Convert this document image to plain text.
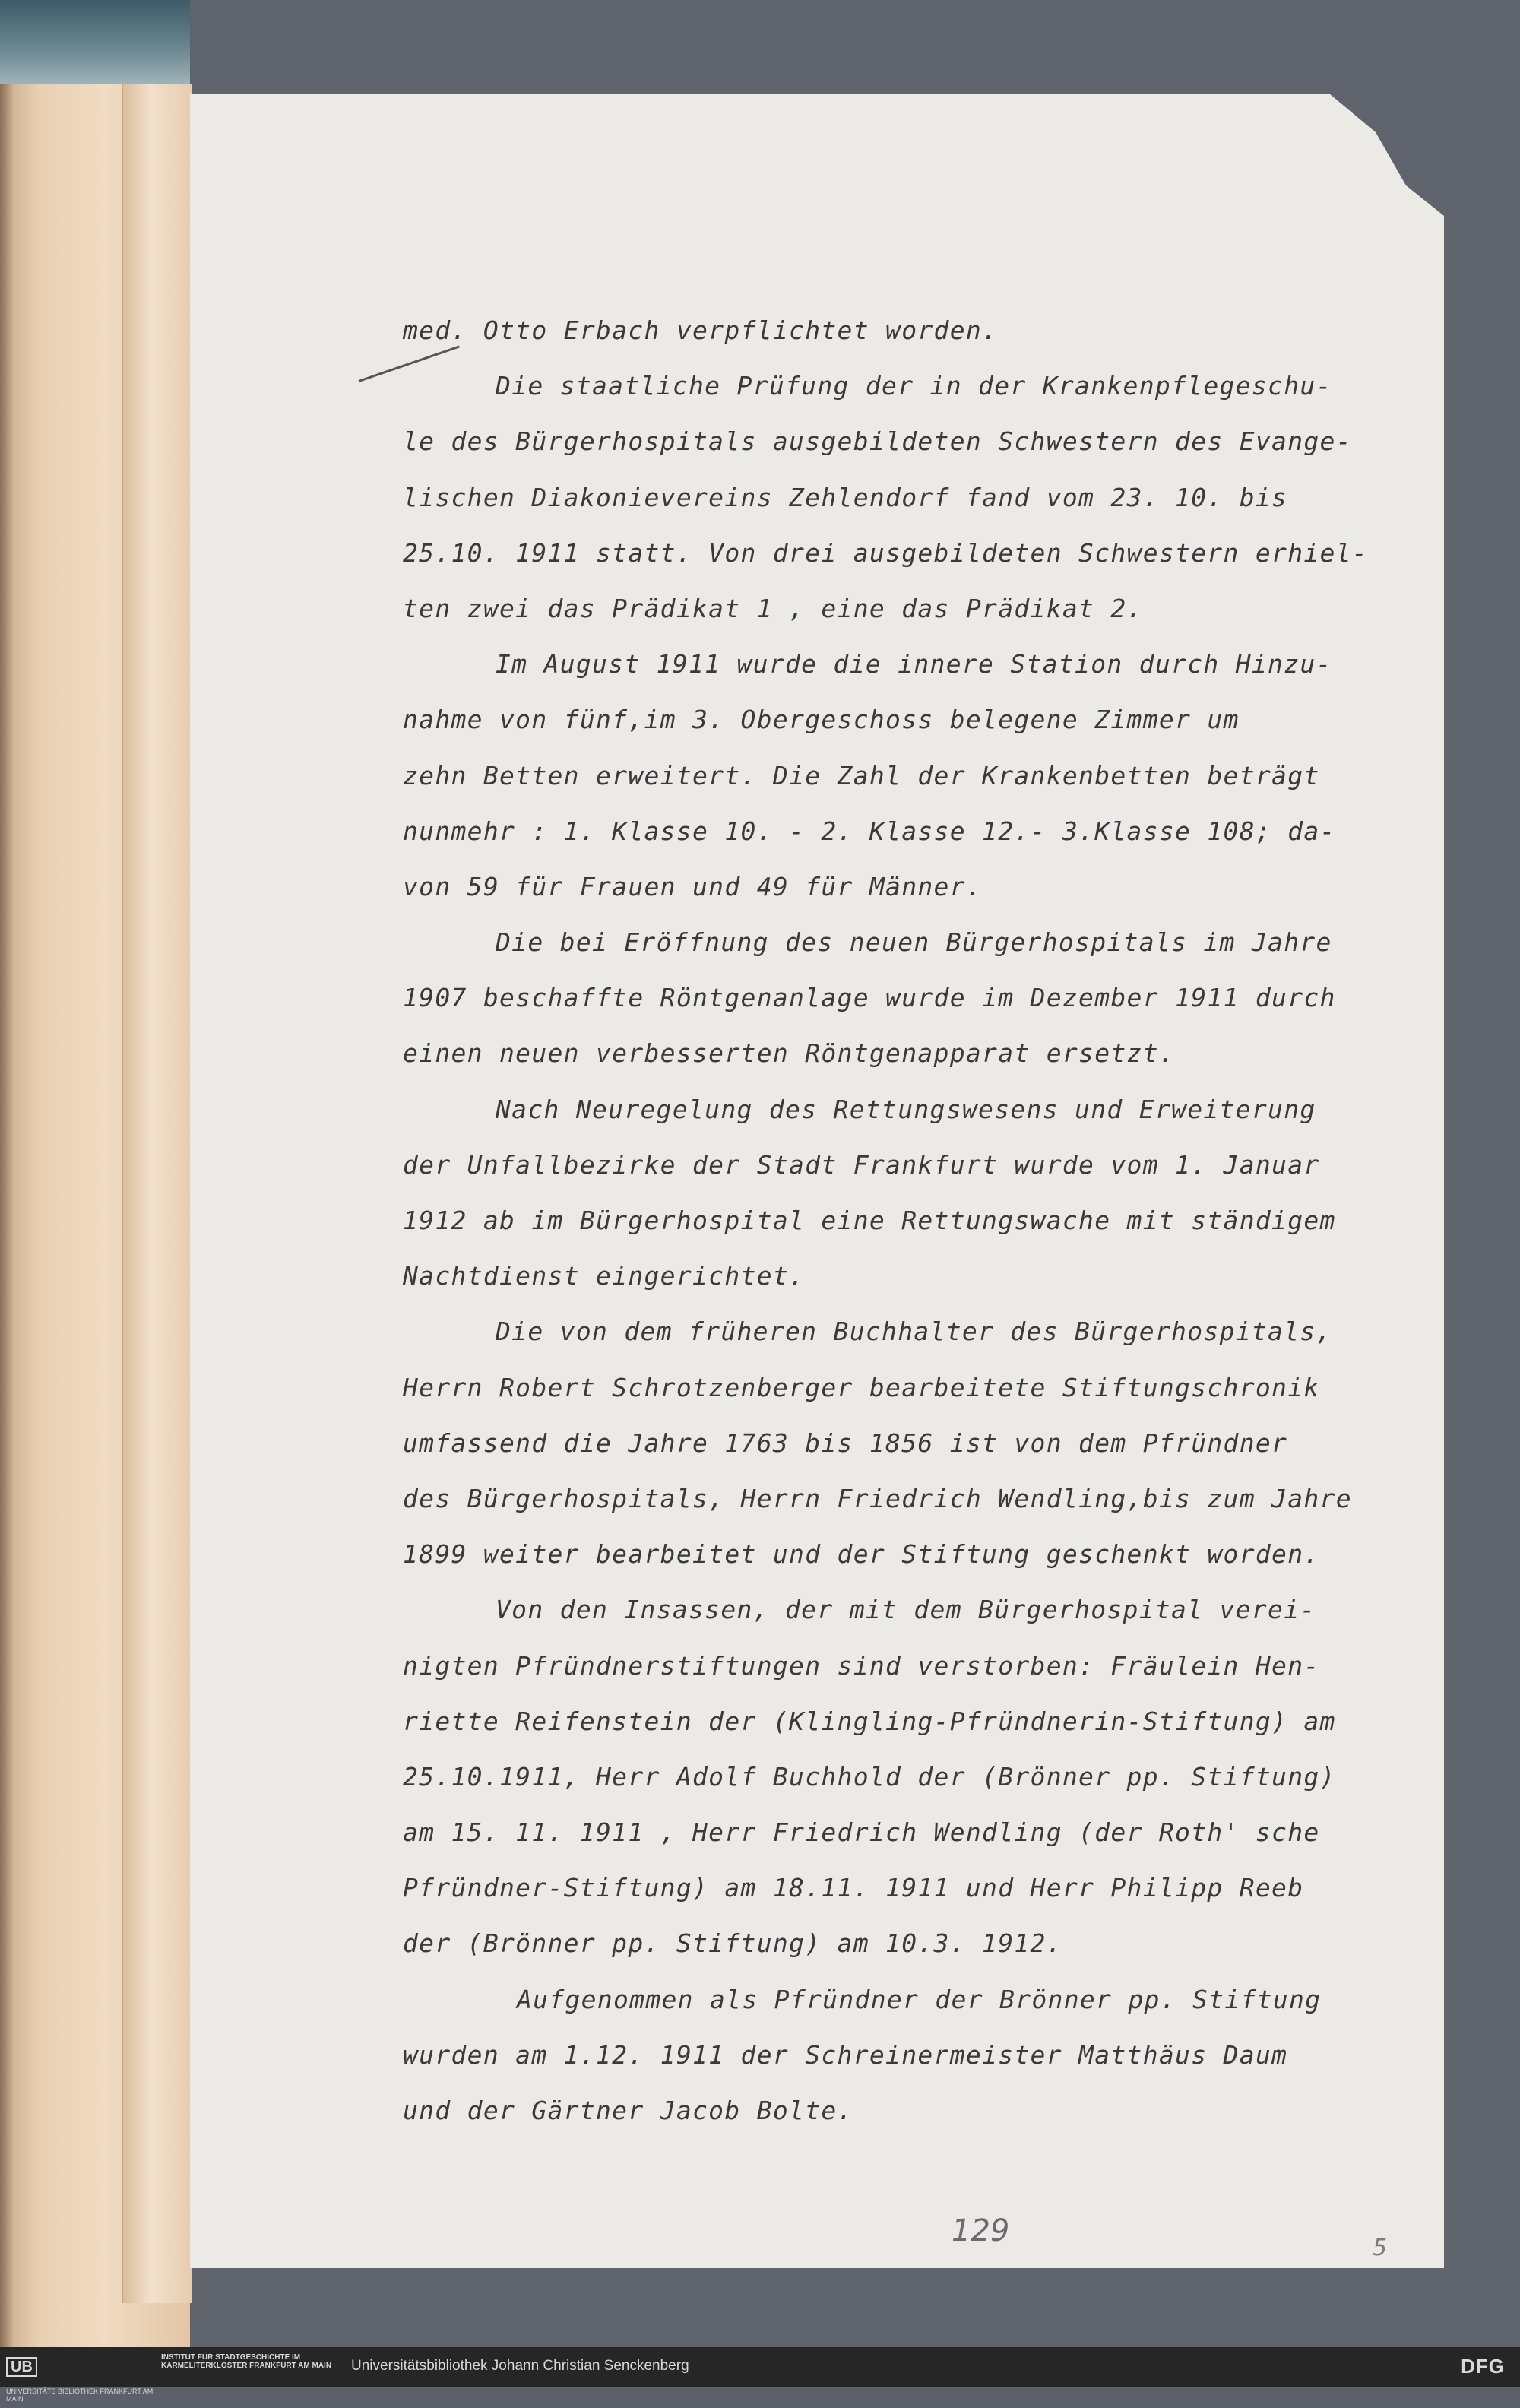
med. Otto Erbach verpflichtet worden.
Die staatliche Prüfung der in der Krankenpflegeschu-
le des Bürgerhospitals ausgebildeten Schwestern des Evange-
lischen Diakonievereins Zehlendorf fand vom 23. 10. bis
25.10. 1911 statt. Von drei ausgebildeten Schwestern erhiel-
ten zwei das Prädikat 1 , eine das Prädikat 2.
Im August 1911 wurde die innere Station durch Hinzu-
nahme von fünf,im 3. Obergeschoss belegene Zimmer um
zehn Betten erweitert. Die Zahl der Krankenbetten beträgt
nunmehr : 1. Klasse 10. - 2. Klasse 12.- 3.Klasse 108; da-
von 59 für Frauen und 49 für Männer.
Die bei Eröffnung des neuen Bürgerhospitals im Jahre
1907 beschaffte Röntgenanlage wurde im Dezember 1911 durch
einen neuen verbesserten Röntgenapparat ersetzt.
Nach Neuregelung des Rettungswesens und Erweiterung
der Unfallbezirke der Stadt Frankfurt wurde vom 1. Januar
1912 ab im Bürgerhospital eine Rettungswache mit ständigem
Nachtdienst eingerichtet.
Die von dem früheren Buchhalter des Bürgerhospitals,
Herrn Robert Schrotzenberger bearbeitete Stiftungschronik
umfassend die Jahre 1763 bis 1856 ist von dem Pfründner
des Bürgerhospitals, Herrn Friedrich Wendling,bis zum Jahre
1899 weiter bearbeitet und der Stiftung geschenkt worden.
Von den Insassen, der mit dem Bürgerhospital verei-
nigten Pfründnerstiftungen sind verstorben: Fräulein Hen-
riette Reifenstein der (Klingling-Pfründnerin-Stiftung) am
25.10.1911, Herr Adolf Buchhold der (Brönner pp. Stiftung)
am 15. 11. 1911 , Herr Friedrich Wendling (der Roth' sche
Pfründner-Stiftung) am 18.11. 1911 und Herr Philipp Reeb
der (Brönner pp. Stiftung) am 10.3. 1912.
Aufgenommen als Pfründner der Brönner pp. Stiftung
wurden am 1.12. 1911 der Schreinermeister Matthäus Daum
und der Gärtner Jacob Bolte.
129	5
UB UNIVERSITÄTS BIBLIOTHEK FRANKFURT AM MAIN
INSTITUT FÜR STADTGESCHICHTE IM KARMELITERKLOSTER FRANKFURT AM MAIN	Universitätsbibliothek Johann Christian Senckenberg	DFG
